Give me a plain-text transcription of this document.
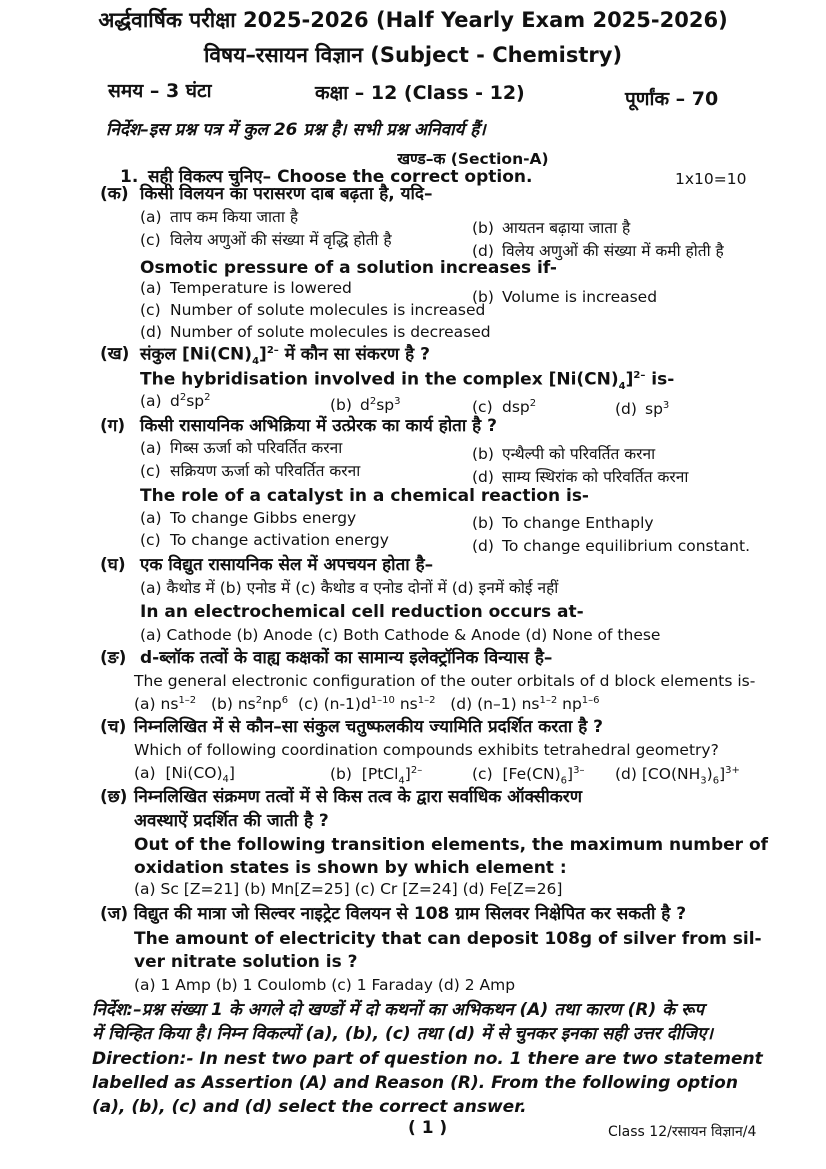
अर्द्धवार्षिक परीक्षा 2025-2026 (Half Yearly Exam 2025-2026)
विषय–रसायन विज्ञान (Subject - Chemistry)
समय – 3 घंटा	कक्षा – 12 (Class - 12)	पूर्णांक – 70
निर्देश–इस प्रश्न पत्र में कुल 26 प्रश्न है। सभी प्रश्न अनिवार्य हैं।
खण्ड–क (Section-A)
1. सही विकल्प चुनिए– Choose the correct option.	1x10=10
(क) किसी विलयन का परासरण दाब बढ़ता है, यदि–
(a) ताप कम किया जाता है
(b) आयतन बढ़ाया जाता है
(c) विलेय अणुओं की संख्या में वृद्धि होती है
(d) विलेय अणुओं की संख्या में कमी होती है
Osmotic pressure of a solution increases if-
(a) Temperature is lowered	(b) Volume is increased
(c) Number of solute molecules is increased
(d) Number of solute molecules is decreased
(ख) संकुल $[Ni(CN)_4]^{2-}$ में कौन सा संकरण है ?
The hybridisation involved in the complex $[Ni(CN)_4]^{2-}$ is-
(a) $d^2sp^2$	(b) $d^2sp^3$	(c) dsp$^2$	(d) $sp^3$
(ग) किसी रासायनिक अभिक्रिया में उत्प्रेरक का कार्य होता है ?
(a) गिब्स ऊर्जा को परिवर्तित करना	(b) एन्थैल्पी को परिवर्तित करना
(c) सक्रियण ऊर्जा को परिवर्तित करना	(d) साम्य स्थिरांक को परिवर्तित करना
The role of a catalyst in a chemical reaction is-
(a) To change Gibbs energy	(b) To change Enthaply
(c) To change activation energy	(d) To change equilibrium constant.
(घ) एक विद्युत रासायनिक सेल में अपचयन होता है–
(a) कैथोड में (b) एनोड में (c) कैथोड व एनोड दोनों में (d) इनमें कोई नहीं
In an electrochemical cell reduction occurs at-
(a) Cathode (b) Anode (c) Both Cathode & Anode (d) None of these
(ङ) d-ब्लॉक तत्वों के वाह्य कक्षकों का सामान्य इलेक्ट्रॉनिक विन्यास है–
The general electronic configuration of the outer orbitals of d block elements is-
(a) $ns^{1-2}$ (b) $ns^2np^6$ (c) $(n-1)d^{1-10}$ $ns^{1-2}$ (d) (n–1) $ns^{1-2}$ $np^{1-6}$
(च) निम्नलिखित में से कौन–सा संकुल चतुष्फलकीय ज्यामिति प्रदर्शित करता है ?
Which of following coordination compounds exhibits tetrahedral geometry?
(a) $[Ni(CO)_4]$	(b) [PtCl$_4$]$^{2-}$	(c) $[Fe(CN)_6]^{3-}$ (d) $[CO(NH_3)_6]^{3+}$
(छ) निम्नलिखित संक्रमण तत्वों में से किस तत्व के द्वारा सर्वाधिक ऑक्सीकरण
अवस्थाऐं प्रदर्शित की जाती है ?
Out of the following transition elements, the maximum number of
oxidation states is shown by which element :
(a) Sc [Z=21] (b) Mn[Z=25] (c) Cr [Z=24] (d) Fe[Z=26]
(ज) विद्युत की मात्रा जो सिल्वर नाइट्रेट विलयन से 108 ग्राम सिलवर निक्षेपित कर सकती है ?
The amount of electricity that can deposit 108g of silver from sil-
ver nitrate solution is ?
(a) 1 Amp (b) 1 Coulomb (c) 1 Faraday (d) 2 Amp
निर्देश:–प्रश्न संख्या 1 के अगले दो खण्डों में दो कथनों का अभिकथन (A) तथा कारण (R) के रूप
में चिन्हित किया है। निम्न विकल्पों (a), (b), (c) तथा (d) में से चुनकर इनका सही उत्तर दीजिए।
Direction:- In nest two part of question no. 1 there are two statement
labelled as Assertion (A) and Reason (R). From the following option
(a), (b), (c) and (d) select the correct answer.
( 1 )	Class 12/रसायन विज्ञान/4
